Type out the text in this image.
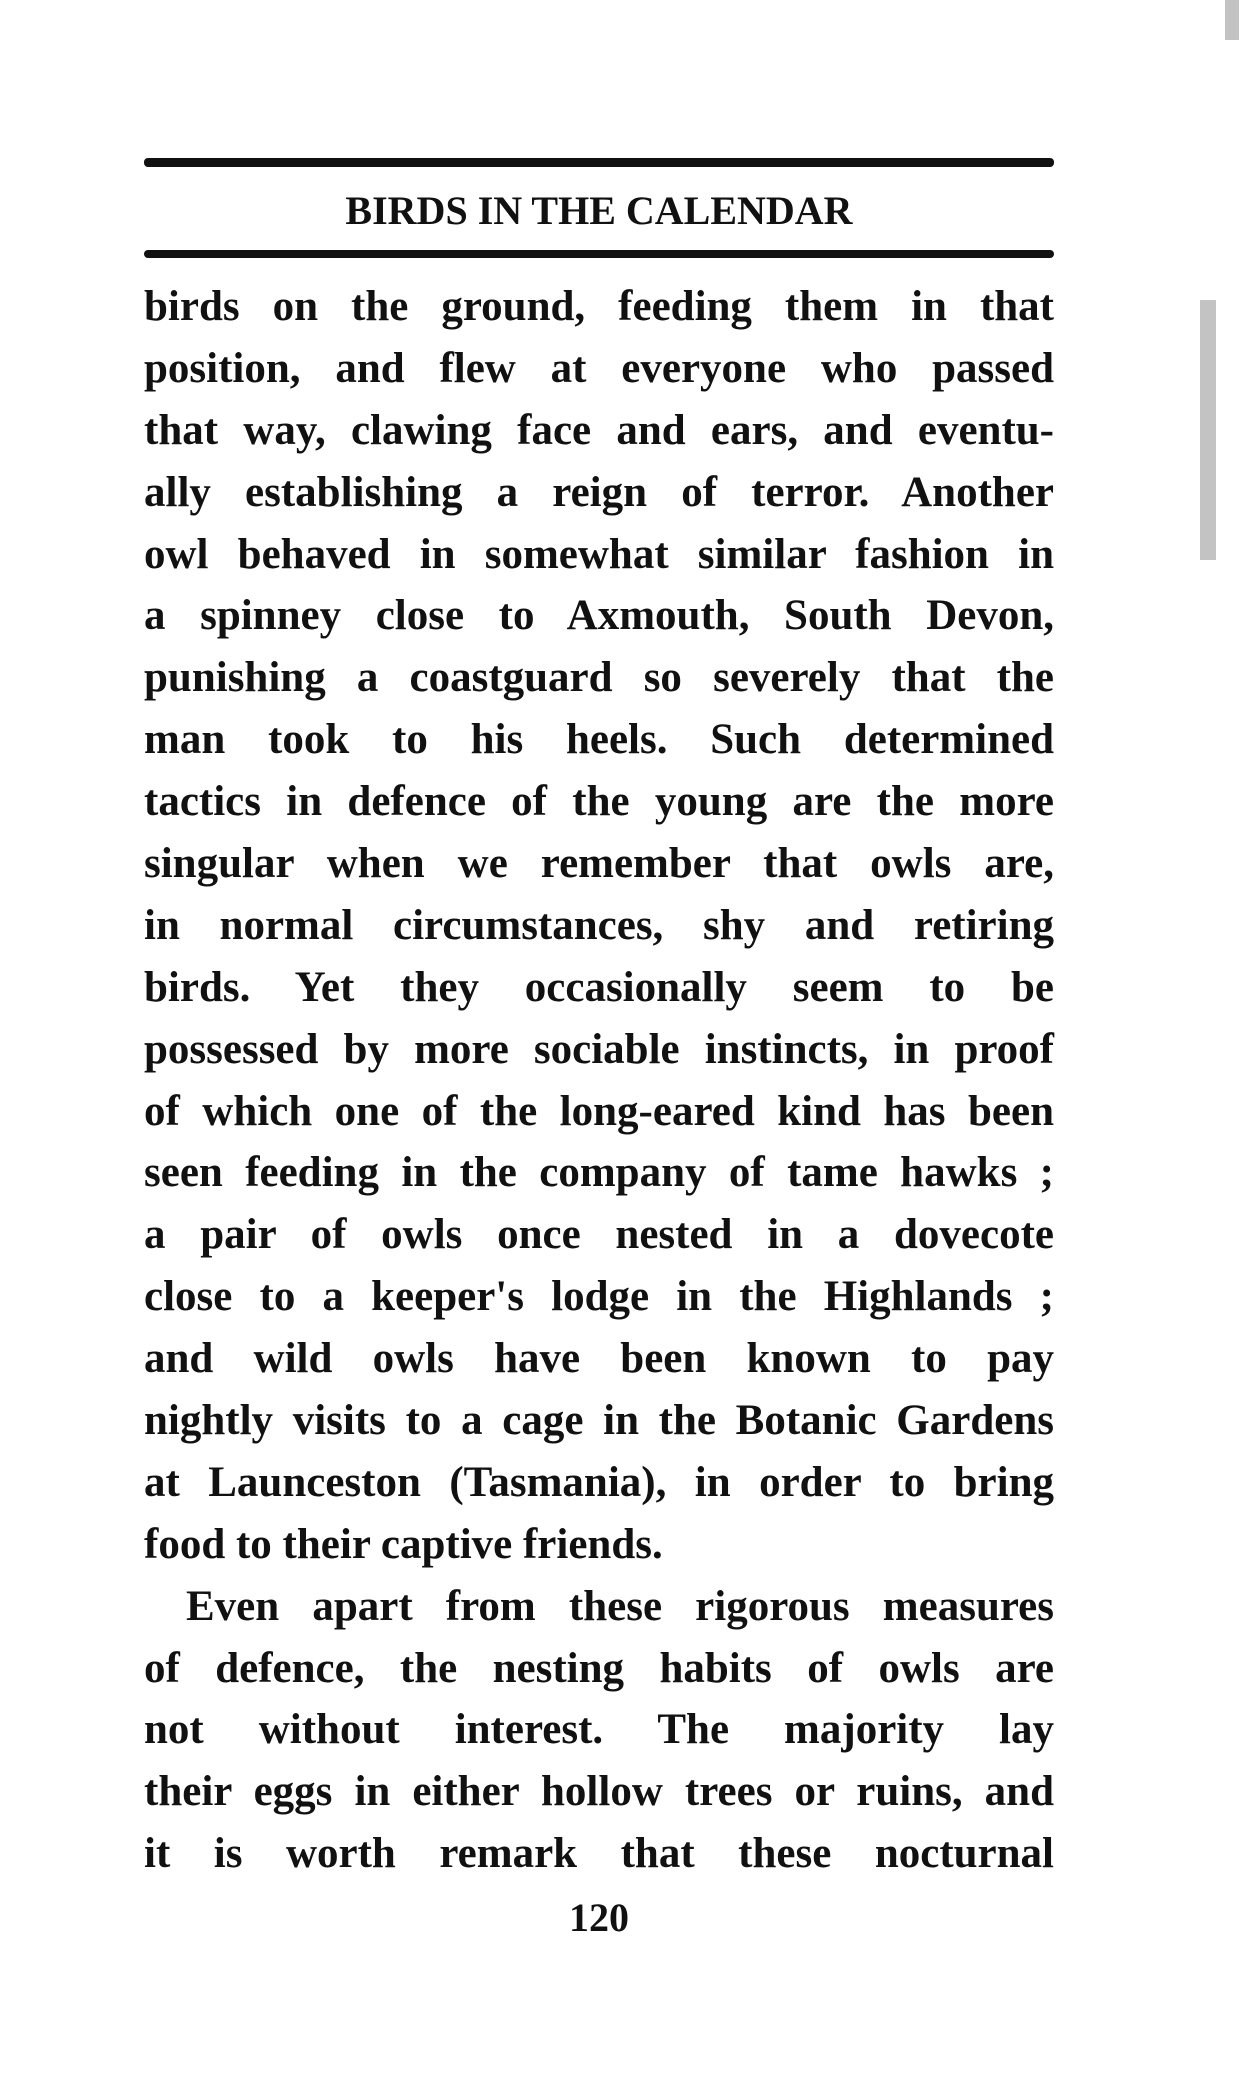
BIRDS IN THE CALENDAR
birds on the ground, feeding them in that
position, and flew at everyone who passed
that way, clawing face and ears, and eventu-
ally establishing a reign of terror. Another
owl behaved in somewhat similar fashion in
a spinney close to Axmouth, South Devon,
punishing a coastguard so severely that the
man took to his heels. Such determined
tactics in defence of the young are the more
singular when we remember that owls are,
in normal circumstances, shy and retiring
birds. Yet they occasionally seem to be
possessed by more sociable instincts, in proof
of which one of the long-eared kind has been
seen feeding in the company of tame hawks ;
a pair of owls once nested in a dovecote
close to a keeper's lodge in the Highlands ;
and wild owls have been known to pay
nightly visits to a cage in the Botanic Gardens
at Launceston (Tasmania), in order to bring
food to their captive friends.
Even apart from these rigorous measures
of defence, the nesting habits of owls are
not without interest. The majority lay
their eggs in either hollow trees or ruins, and
it is worth remark that these nocturnal
120
